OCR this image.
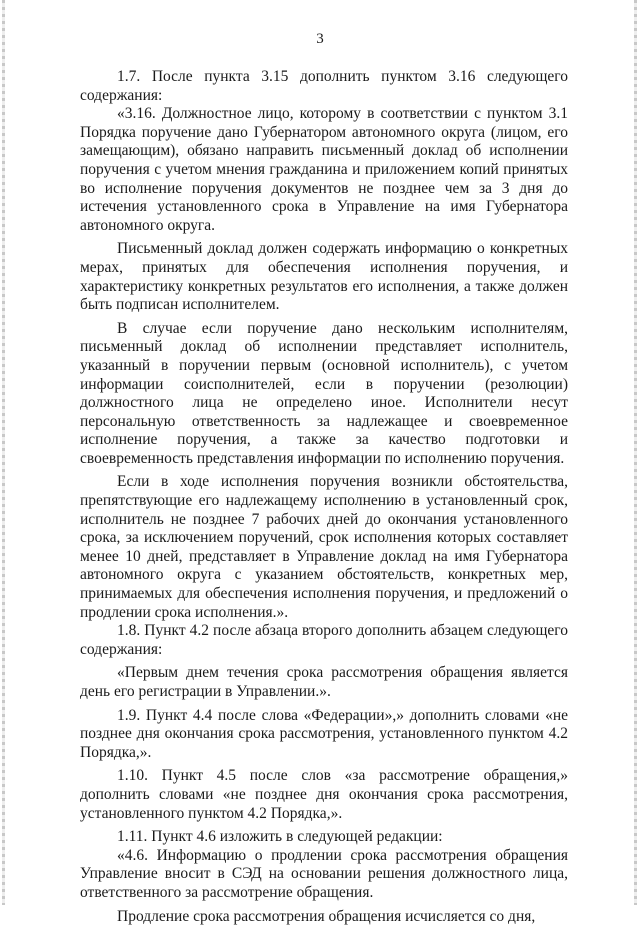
3

1.7. После пункта 3.15 дополнить пунктом 3.16 следующего содержания:

«3.16. Должностное лицо, которому в соответствии с пунктом 3.1 Порядка поручение дано Губернатором автономного округа (лицом, его замещающим), обязано направить письменный доклад об исполнении поручения с учетом мнения гражданина и приложением копий принятых во исполнение поручения документов не позднее чем за 3 дня до истечения установленного срока в Управление на имя Губернатора автономного округа.

Письменный доклад должен содержать информацию о конкретных мерах, принятых для обеспечения исполнения поручения, и характеристику конкретных результатов его исполнения, а также должен быть подписан исполнителем.

В случае если поручение дано нескольким исполнителям, письменный доклад об исполнении представляет исполнитель, указанный в поручении первым (основной исполнитель), с учетом информации соисполнителей, если в поручении (резолюции) должностного лица не определено иное. Исполнители несут персональную ответственность за надлежащее и своевременное исполнение поручения, а также за качество подготовки и своевременность представления информации по исполнению поручения.

Если в ходе исполнения поручения возникли обстоятельства, препятствующие его надлежащему исполнению в установленный срок, исполнитель не позднее 7 рабочих дней до окончания установленного срока, за исключением поручений, срок исполнения которых составляет менее 10 дней, представляет в Управление доклад на имя Губернатора автономного округа с указанием обстоятельств, конкретных мер, принимаемых для обеспечения исполнения поручения, и предложений о продлении срока исполнения.».

1.8. Пункт 4.2 после абзаца второго дополнить абзацем следующего содержания:

«Первым днем течения срока рассмотрения обращения является день его регистрации в Управлении.».

1.9. Пункт 4.4 после слова «Федерации»,» дополнить словами «не позднее дня окончания срока рассмотрения, установленного пунктом 4.2 Порядка,».

1.10. Пункт 4.5 после слов «за рассмотрение обращения,» дополнить словами «не позднее дня окончания срока рассмотрения, установленного пунктом 4.2 Порядка,».

1.11. Пункт 4.6 изложить в следующей редакции:

«4.6. Информацию о продлении срока рассмотрения обращения Управление вносит в СЭД на основании решения должностного лица, ответственного за рассмотрение обращения.

Продление срока рассмотрения обращения исчисляется со дня,
